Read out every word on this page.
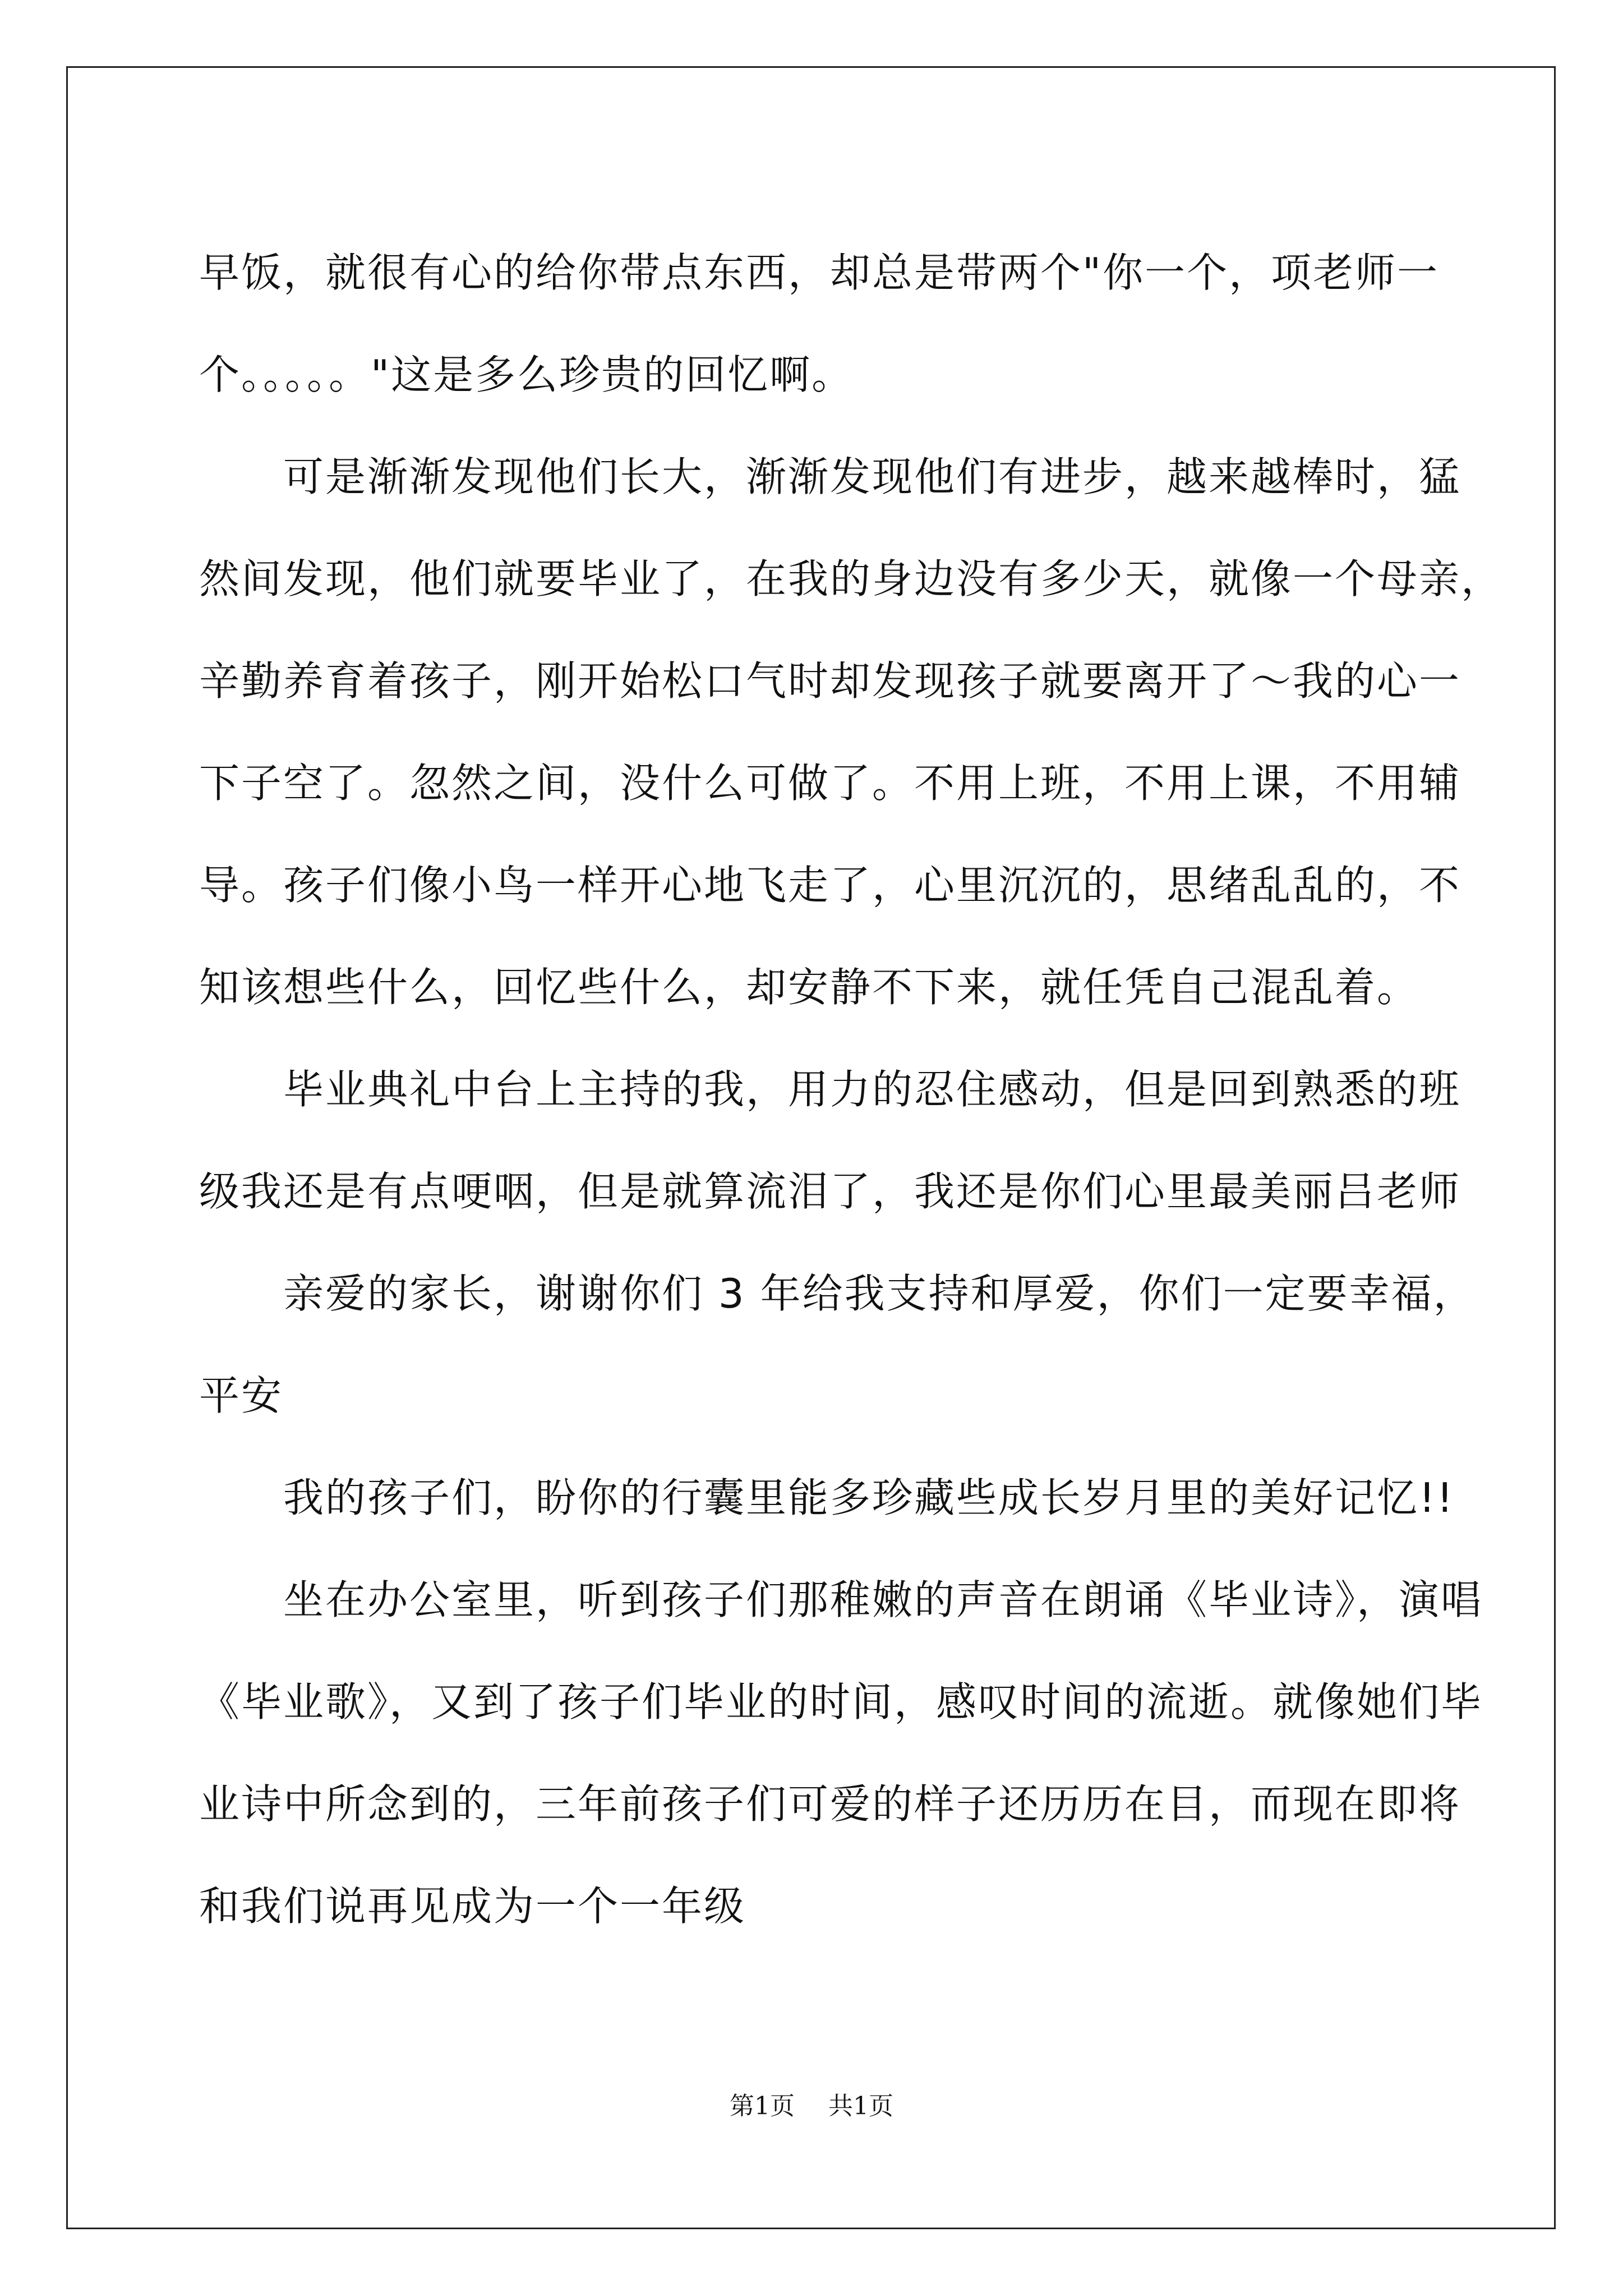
早饭，就很有心的给你带点东西，却总是带两个"你一个，项老师一
个。。。。。"这是多么珍贵的回忆啊。
可是渐渐发现他们长大，渐渐发现他们有进步，越来越棒时，猛
然间发现，他们就要毕业了，在我的身边没有多少天，就像一个母亲，
辛勤养育着孩子，刚开始松口气时却发现孩子就要离开了～我的心一
下子空了。忽然之间，没什么可做了。不用上班，不用上课，不用辅
导。孩子们像小鸟一样开心地飞走了，心里沉沉的，思绪乱乱的，不
知该想些什么，回忆些什么，却安静不下来，就任凭自己混乱着。
毕业典礼中台上主持的我，用力的忍住感动，但是回到熟悉的班
级我还是有点哽咽，但是就算流泪了，我还是你们心里最美丽吕老师
亲爱的家长，谢谢你们 3 年给我支持和厚爱，你们一定要幸福，
平安
我的孩子们，盼你的行囊里能多珍藏些成长岁月里的美好记忆!!
坐在办公室里，听到孩子们那稚嫩的声音在朗诵《毕业诗》，演唱
《毕业歌》，又到了孩子们毕业的时间，感叹时间的流逝。就像她们毕
业诗中所念到的，三年前孩子们可爱的样子还历历在目，而现在即将
和我们说再见成为一个一年级
第1页 共1页
